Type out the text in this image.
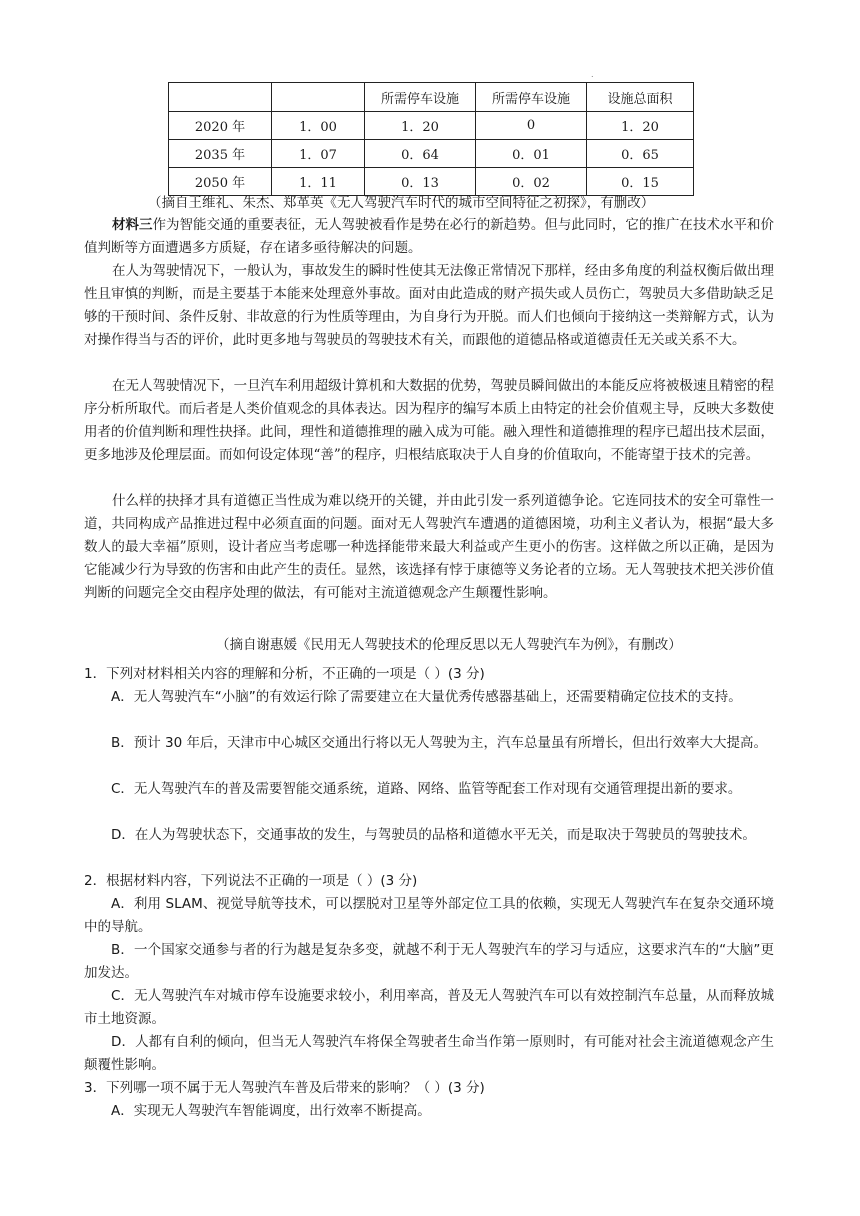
.
		所需停车设施	所需停车设施	设施总面积
2020 年	1．00	1．20	0	1．20
2035 年	1．07	0．64	0．01	0．65
2050 年	1．11	0．13	0．02	0．15
（摘自王维礼、朱杰、郑革英《无人驾驶汽车时代的城市空间特征之初探》，有删改）
材料三作为智能交通的重要表征，无人驾驶被看作是势在必行的新趋势。但与此同时，它的推广在技术水平和价值判断等方面遭遇多方质疑，存在诸多亟待解决的问题。
在人为驾驶情况下，一般认为，事故发生的瞬时性使其无法像正常情况下那样，经由多角度的利益权衡后做出理性且审慎的判断，而是主要基于本能来处理意外事故。面对由此造成的财产损失或人员伤亡，驾驶员大多借助缺乏足够的干预时间、条件反射、非故意的行为性质等理由，为自身行为开脱。而人们也倾向于接纳这一类辩解方式，认为对操作得当与否的评价，此时更多地与驾驶员的驾驶技术有关，而跟他的道德品格或道德责任无关或关系不大。
在无人驾驶情况下，一旦汽车利用超级计算机和大数据的优势，驾驶员瞬间做出的本能反应将被极速且精密的程序分析所取代。而后者是人类价值观念的具体表达。因为程序的编写本质上由特定的社会价值观主导，反映大多数使用者的价值判断和理性抉择。此间，理性和道德推理的融入成为可能。融入理性和道德推理的程序已超出技术层面，更多地涉及伦理层面。而如何设定体现“善”的程序，归根结底取决于人自身的价值取向，不能寄望于技术的完善。
什么样的抉择才具有道德正当性成为难以绕开的关键，并由此引发一系列道德争论。它连同技术的安全可靠性一道，共同构成产品推进过程中必须直面的问题。面对无人驾驶汽车遭遇的道德困境，功利主义者认为，根据“最大多数人的最大幸福”原则，设计者应当考虑哪一种选择能带来最大利益或产生更小的伤害。这样做之所以正确，是因为它能减少行为导致的伤害和由此产生的责任。显然，该选择有悖于康德等义务论者的立场。无人驾驶技术把关涉价值判断的问题完全交由程序处理的做法，有可能对主流道德观念产生颠覆性影响。
（摘自谢惠媛《民用无人驾驶技术的伦理反思以无人驾驶汽车为例》，有删改）
1．下列对材料相关内容的理解和分析，不正确的一项是（ ）(3 分)
A．无人驾驶汽车“小脑”的有效运行除了需要建立在大量优秀传感器基础上，还需要精确定位技术的支持。
B．预计 30 年后，天津市中心城区交通出行将以无人驾驶为主，汽车总量虽有所增长，但出行效率大大提高。
C．无人驾驶汽车的普及需要智能交通系统，道路、网络、监管等配套工作对现有交通管理提出新的要求。
D．在人为驾驶状态下，交通事故的发生，与驾驶员的品格和道德水平无关，而是取决于驾驶员的驾驶技术。
2．根据材料内容，下列说法不正确的一项是（ ）(3 分)
A．利用 SLAM、视觉导航等技术，可以摆脱对卫星等外部定位工具的依赖，实现无人驾驶汽车在复杂交通环境中的导航。
B．一个国家交通参与者的行为越是复杂多变，就越不利于无人驾驶汽车的学习与适应，这要求汽车的“大脑”更加发达。
C．无人驾驶汽车对城市停车设施要求较小，利用率高，普及无人驾驶汽车可以有效控制汽车总量，从而释放城市土地资源。
D．人都有自利的倾向，但当无人驾驶汽车将保全驾驶者生命当作第一原则时，有可能对社会主流道德观念产生颠覆性影响。
3．下列哪一项不属于无人驾驶汽车普及后带来的影响？（ ）(3 分)
A．实现无人驾驶汽车智能调度，出行效率不断提高。
